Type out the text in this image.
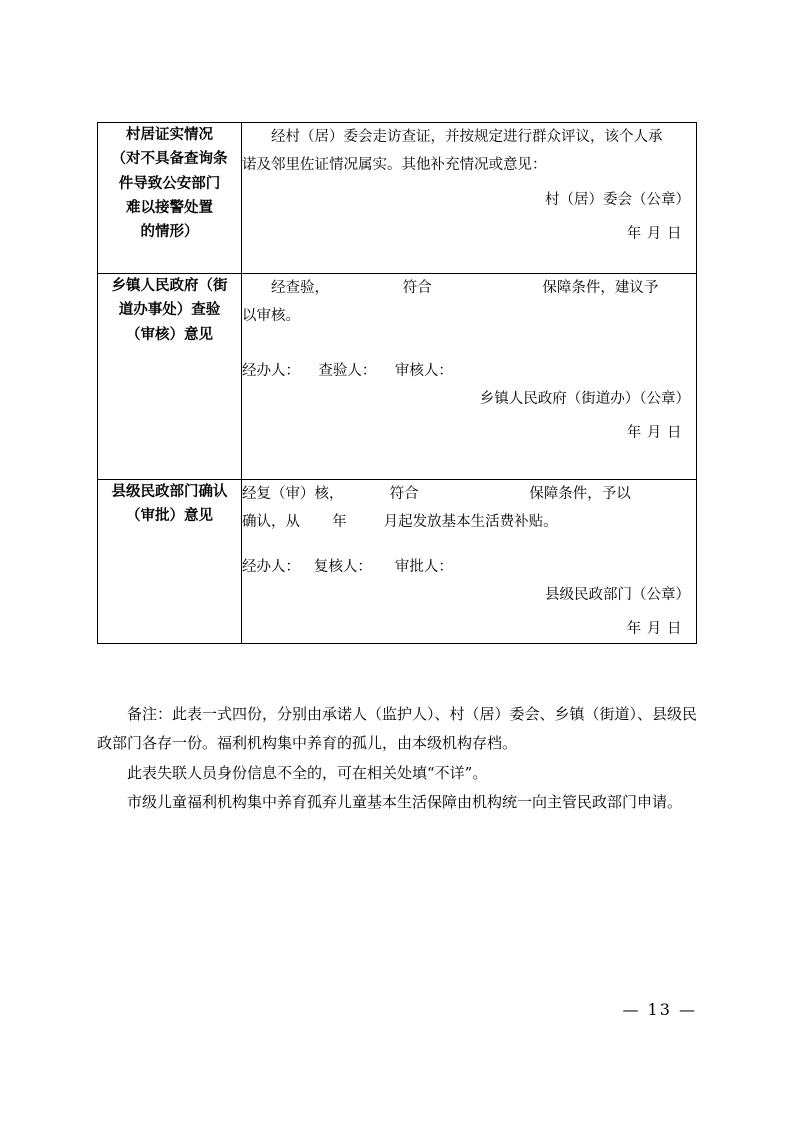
村居证实情况
（对不具备查询条
件导致公安部门
难以接警处置
的情形）	经村（居）委会走访查证，并按规定进行群众评议，该个人承
诺及邻里佐证情况属实。其他补充情况或意见：
村（居）委会（公章）
年 月 日

乡镇人民政府（街
道办事处）查验
（审核）意见	经查验，                符合                        保障条件，建议予
以审核。
经办人：    查验人：    审核人：
乡镇人民政府（街道办）（公章）
年 月 日

县级民政部门确认
（审批）意见	经复（审）核，          符合                        保障条件，予以
确认，从       年        月起发放基本生活费补贴。
经办人：   复核人：     审批人：
县级民政部门（公章）
年 月 日

备注：此表一式四份，分别由承诺人（监护人）、村（居）委会、乡镇（街道）、县级民政部门各存一份。福利机构集中养育的孤儿，由本级机构存档。

此表失联人员身份信息不全的，可在相关处填“不详”。

市级儿童福利机构集中养育孤弃儿童基本生活保障由机构统一向主管民政部门申请。

— 13 —
